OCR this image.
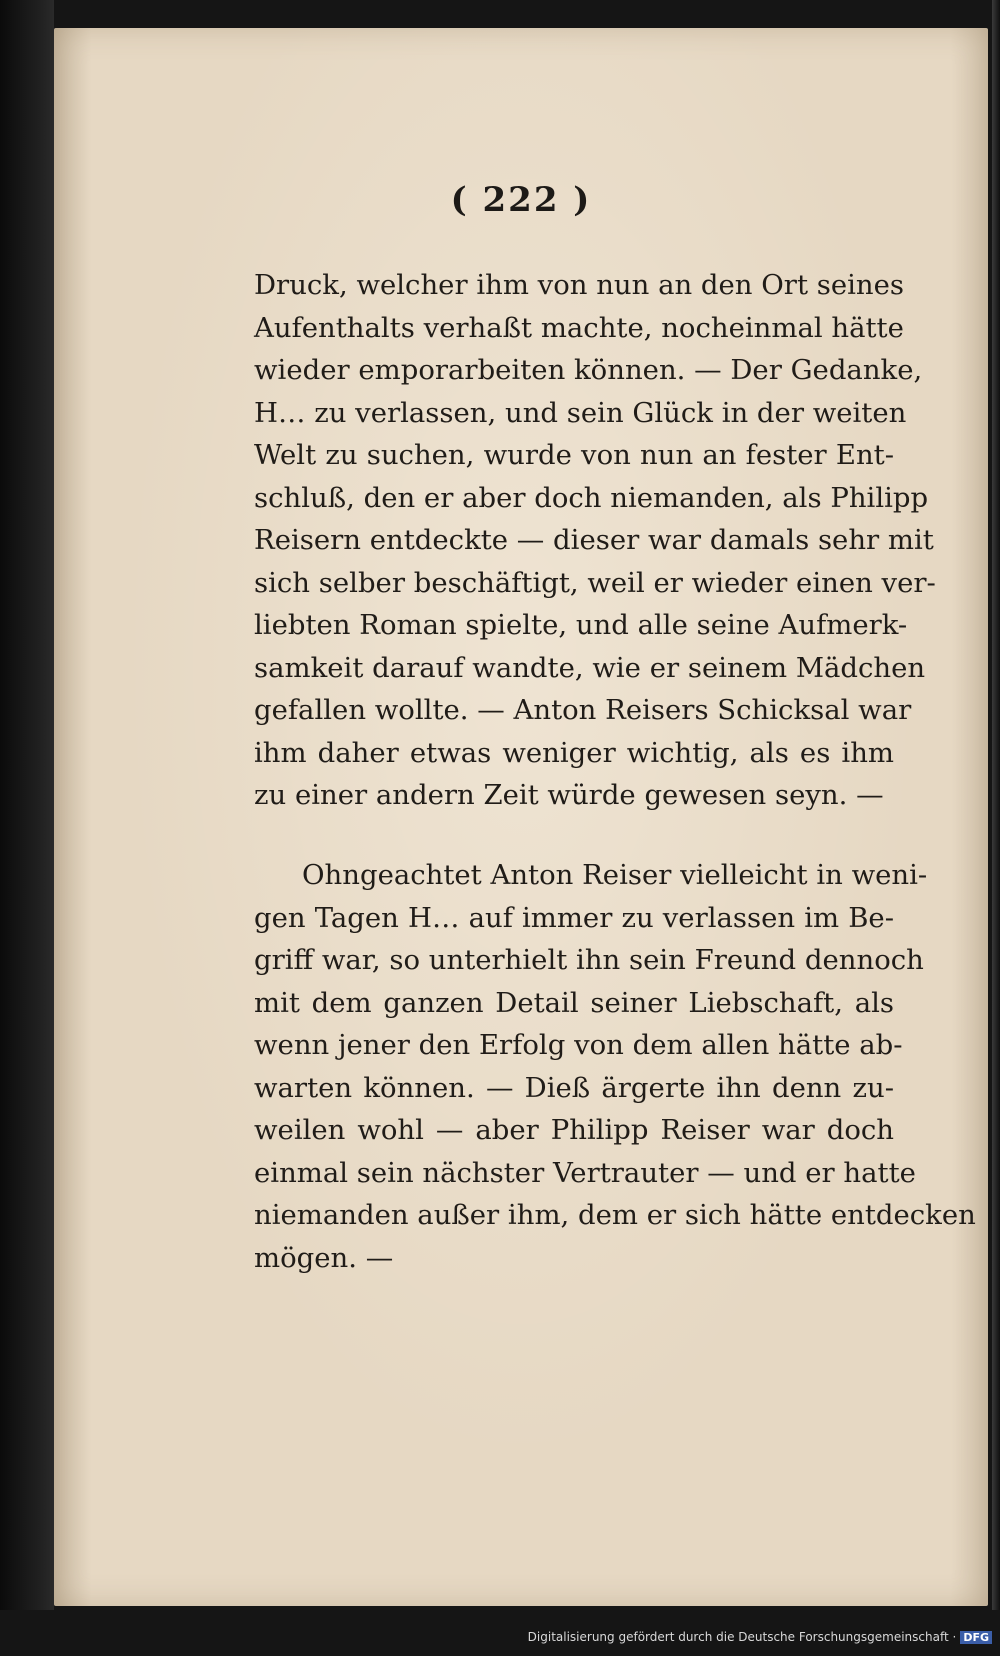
( 222 )
Druck, welcher ihm von nun an den Ort seines
Aufenthalts verhaßt machte, nocheinmal hätte
wieder emporarbeiten können. — Der Gedanke,
H… zu verlassen, und sein Glück in der weiten
Welt zu suchen, wurde von nun an fester Ent-
schluß, den er aber doch niemanden, als Philipp
Reisern entdeckte — dieser war damals sehr mit
sich selber beschäftigt, weil er wieder einen ver-
liebten Roman spielte, und alle seine Aufmerk-
samkeit darauf wandte, wie er seinem Mädchen
gefallen wollte. — Anton Reisers Schicksal war
ihm daher etwas weniger wichtig, als es ihm
zu einer andern Zeit würde gewesen seyn. —
Ohngeachtet Anton Reiser vielleicht in weni-
gen Tagen H… auf immer zu verlassen im Be-
griff war, so unterhielt ihn sein Freund dennoch
mit dem ganzen Detail seiner Liebschaft, als
wenn jener den Erfolg von dem allen hätte ab-
warten können. — Dieß ärgerte ihn denn zu-
weilen wohl — aber Philipp Reiser war doch
einmal sein nächster Vertrauter — und er hatte
niemanden außer ihm, dem er sich hätte entdecken
mögen. —
Digitalisierung gefördert durch die Deutsche Forschungsgemeinschaft · DFG
